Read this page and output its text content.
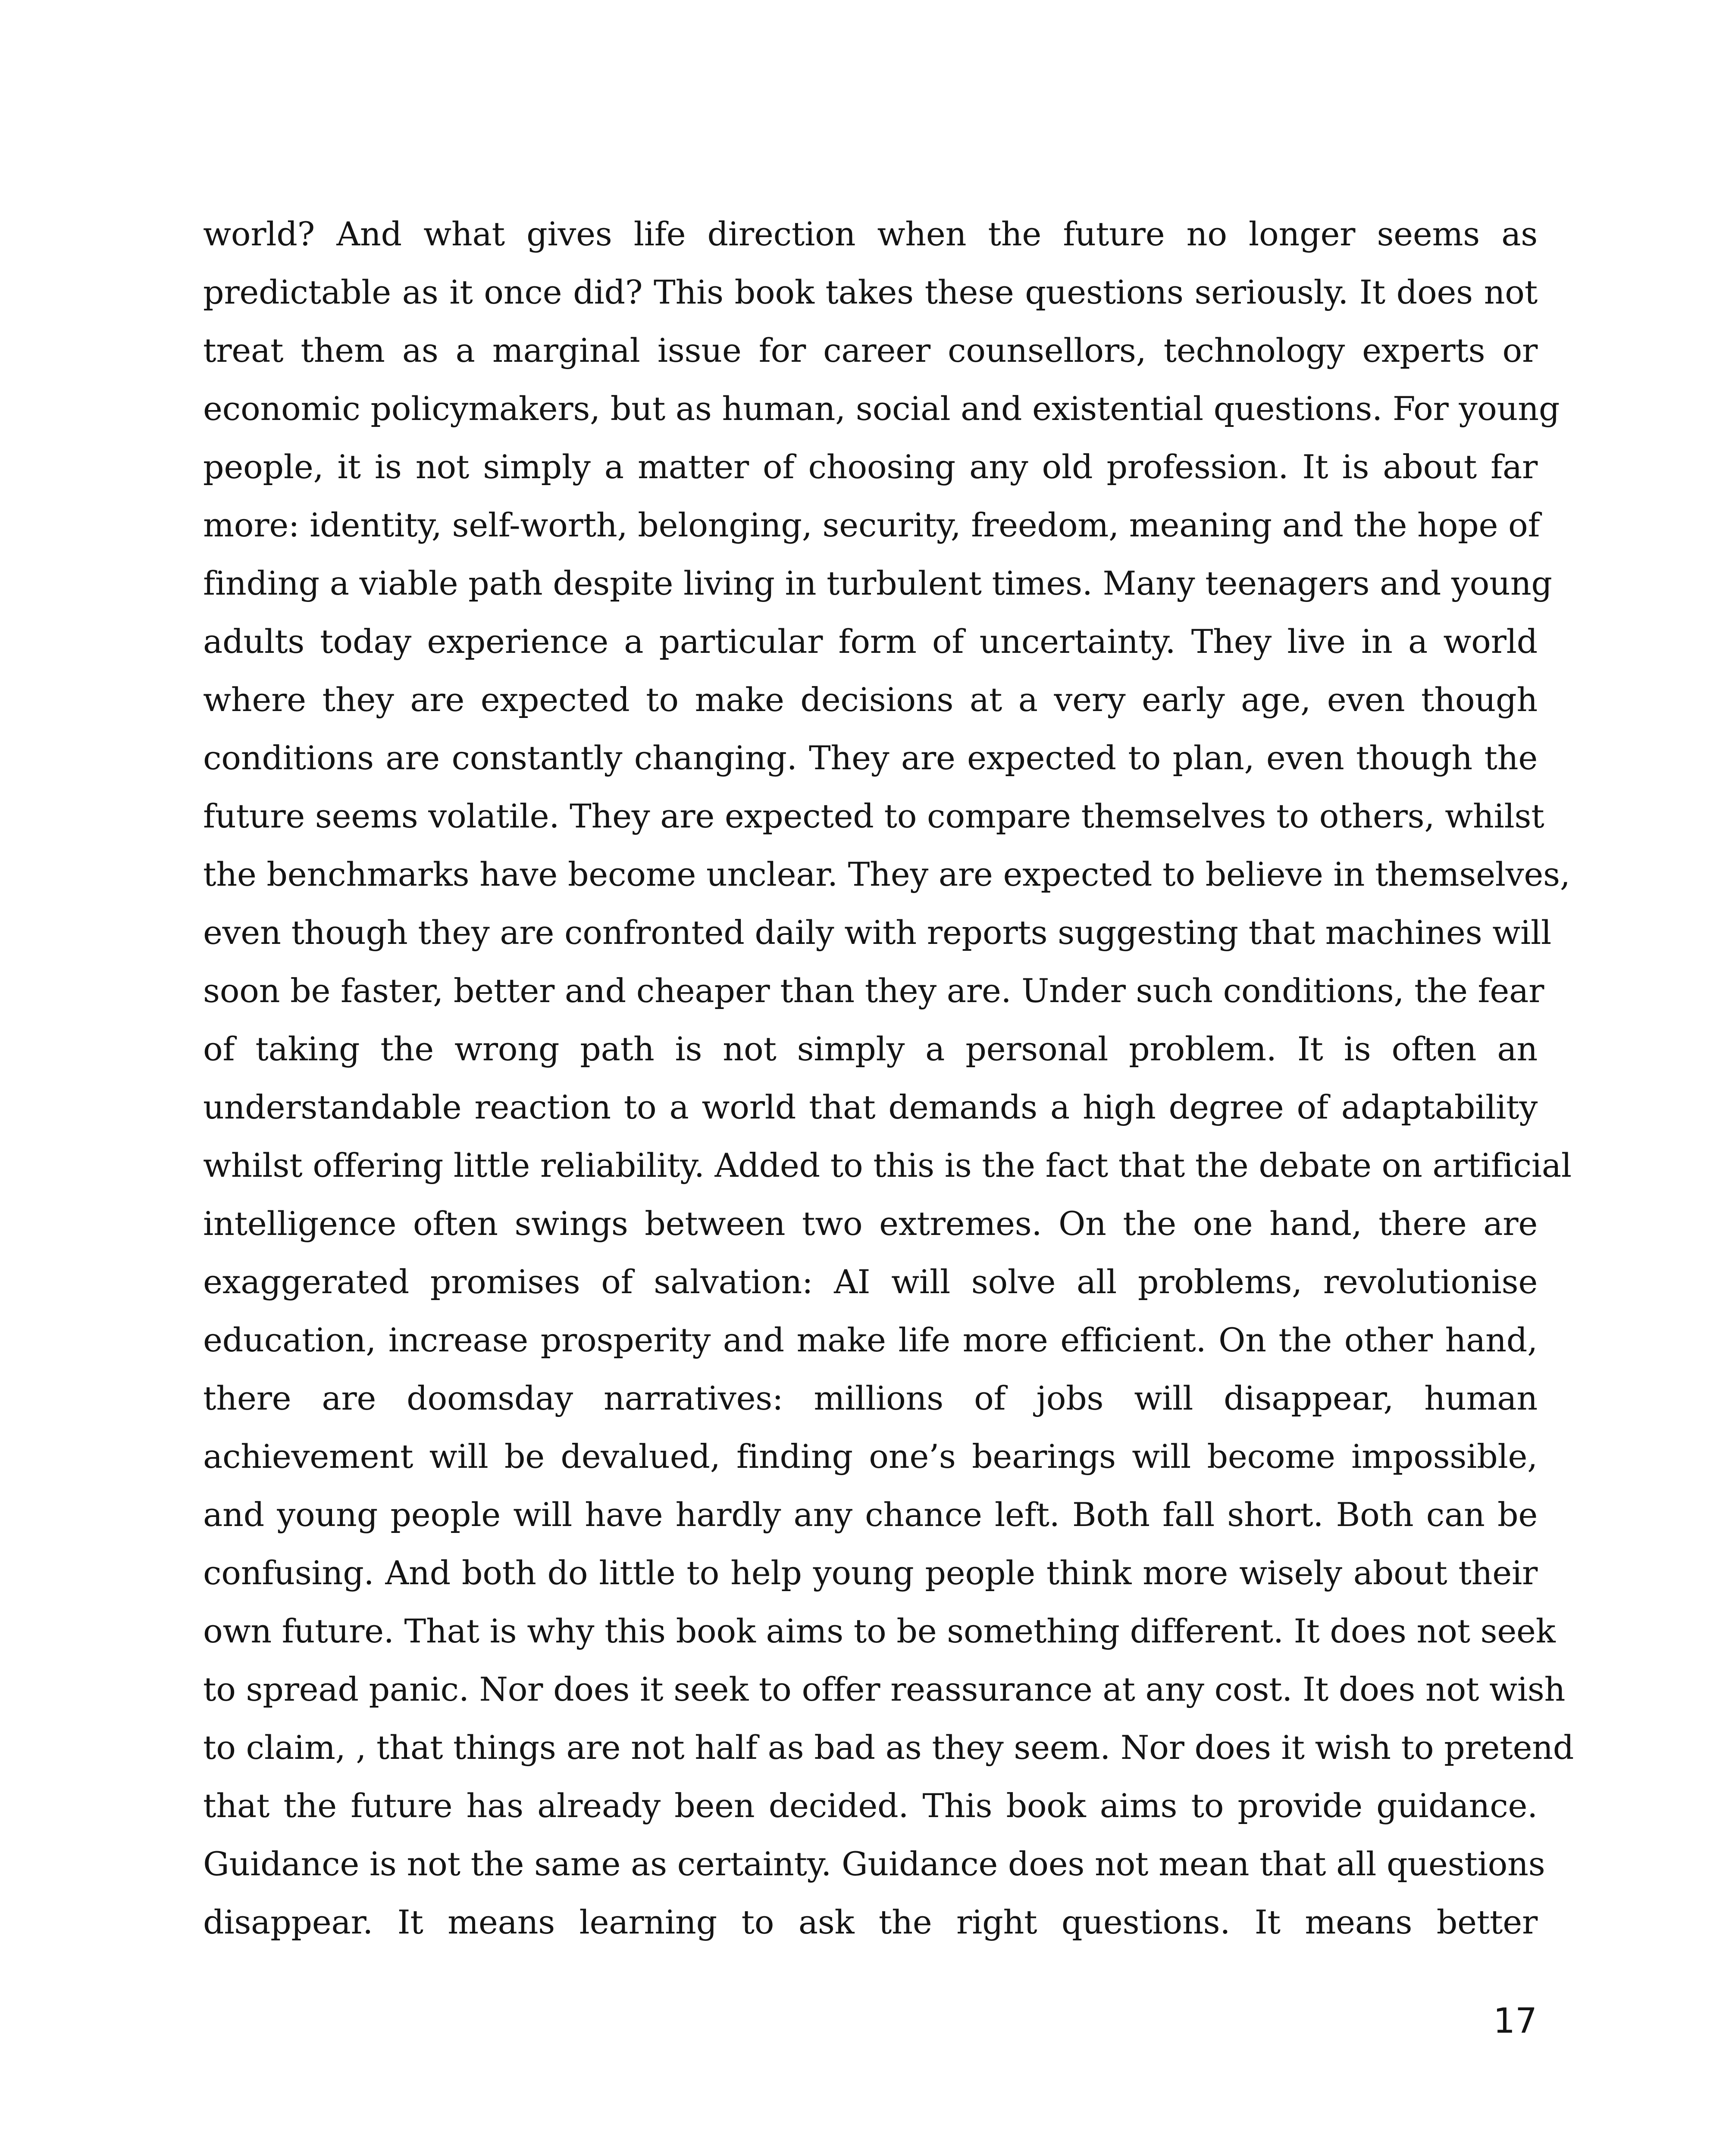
world? And what gives life direction when the future no longer seems as
predictable as it once did? This book takes these questions seriously. It does not
treat them as a marginal issue for career counsellors, technology experts or
economic policymakers, but as human, social and existential questions. For young
people, it is not simply a matter of choosing any old profession. It is about far
more: identity, self-worth, belonging, security, freedom, meaning and the hope of
finding a viable path despite living in turbulent times. Many teenagers and young
adults today experience a particular form of uncertainty. They live in a world
where they are expected to make decisions at a very early age, even though
conditions are constantly changing. They are expected to plan, even though the
future seems volatile. They are expected to compare themselves to others, whilst
the benchmarks have become unclear. They are expected to believe in themselves,
even though they are confronted daily with reports suggesting that machines will
soon be faster, better and cheaper than they are. Under such conditions, the fear
of taking the wrong path is not simply a personal problem. It is often an
understandable reaction to a world that demands a high degree of adaptability
whilst offering little reliability. Added to this is the fact that the debate on artificial
intelligence often swings between two extremes. On the one hand, there are
exaggerated promises of salvation: AI will solve all problems, revolutionise
education, increase prosperity and make life more efficient. On the other hand,
there are doomsday narratives: millions of jobs will disappear, human
achievement will be devalued, finding one’s bearings will become impossible,
and young people will have hardly any chance left. Both fall short. Both can be
confusing. And both do little to help young people think more wisely about their
own future. That is why this book aims to be something different. It does not seek
to spread panic. Nor does it seek to offer reassurance at any cost. It does not wish
to claim, , that things are not half as bad as they seem. Nor does it wish to pretend
that the future has already been decided. This book aims to provide guidance.
Guidance is not the same as certainty. Guidance does not mean that all questions
disappear. It means learning to ask the right questions. It means better
17
